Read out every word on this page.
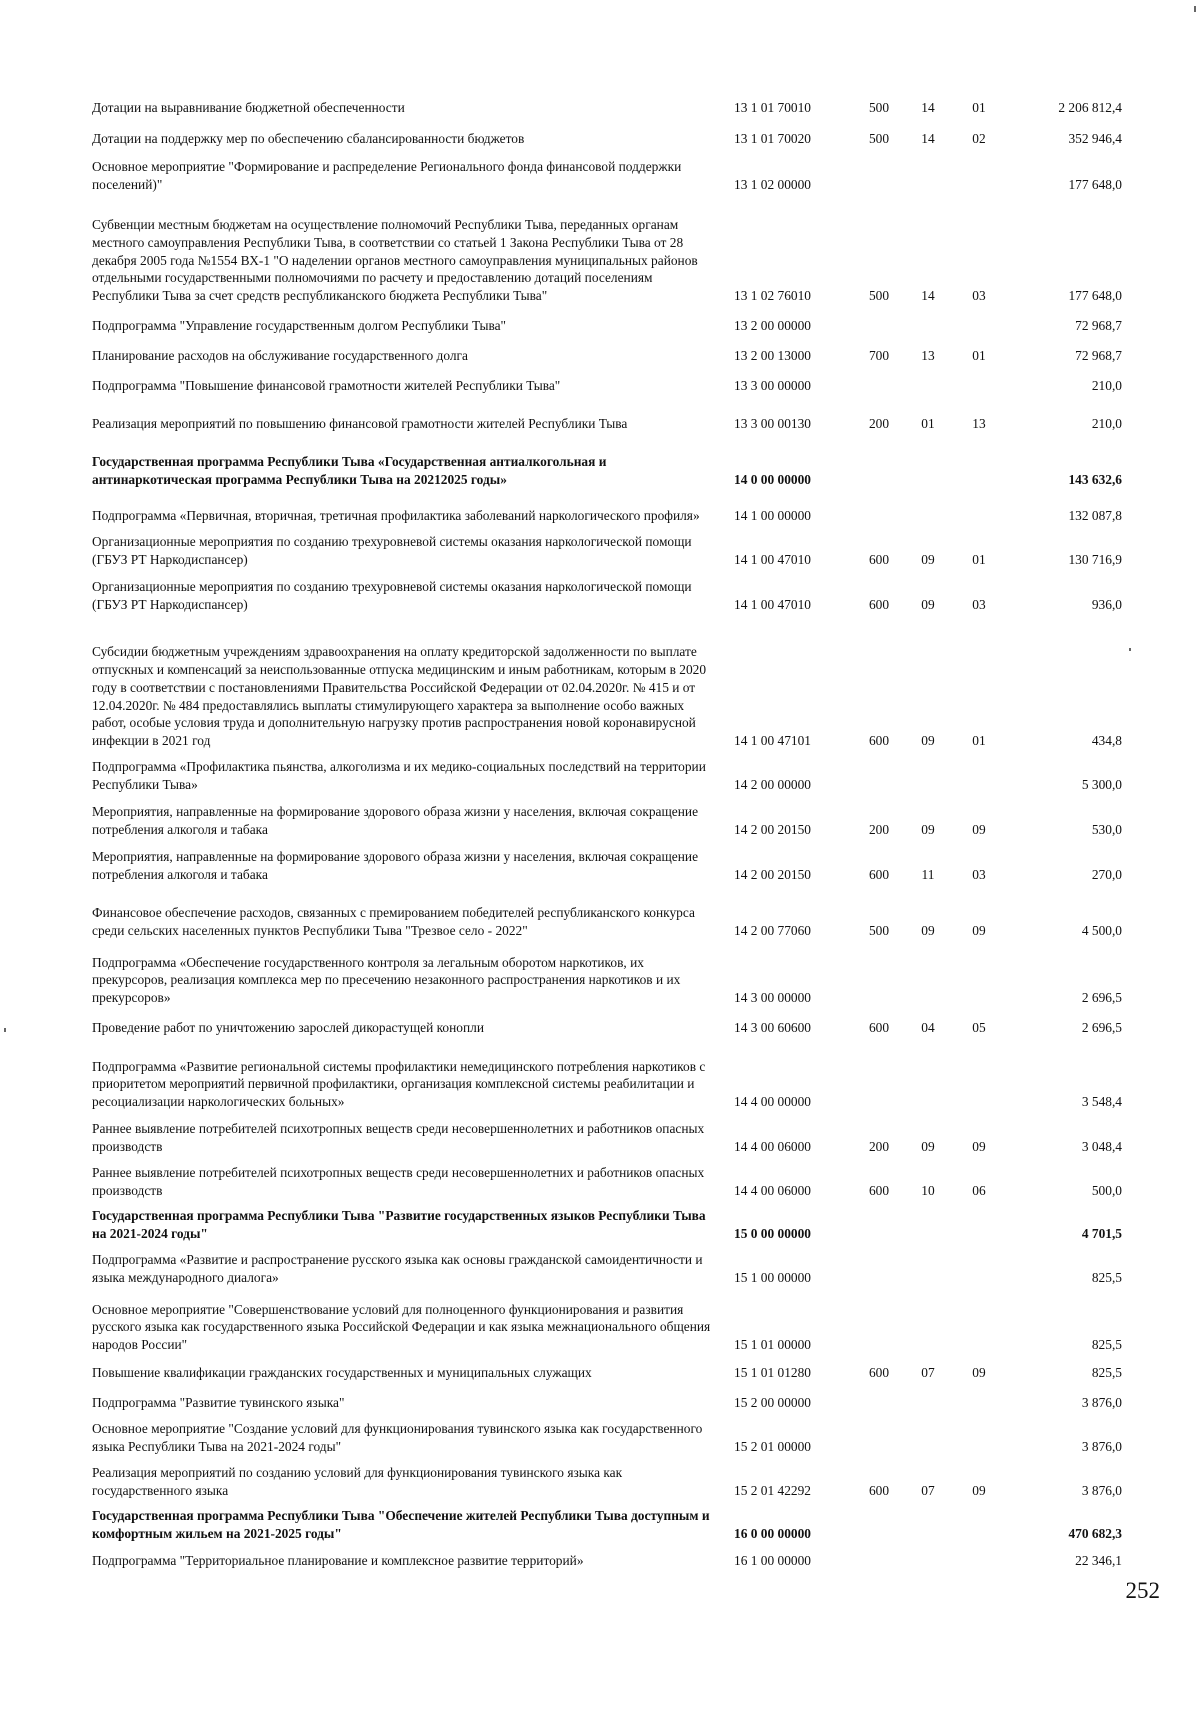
Дотации на выравнивание бюджетной обеспеченности	13 1 01 70010	500	14	01	2 206 812,4
Дотации на поддержку мер по обеспечению сбалансированности бюджетов	13 1 01 70020	500	14	02	352 946,4
Основное мероприятие "Формирование и распределение Регионального фонда финансовой поддержки поселений)"	13 1 02 00000	177 648,0
Субвенции местным бюджетам на осуществление полномочий Республики Тыва, переданных органам местного самоуправления Республики Тыва, в соответствии со статьей 1 Закона Республики Тыва от 28 декабря 2005 года №1554 ВХ-1 "О наделении органов местного самоуправления муниципальных районов отдельными государственными полномочиями по расчету и предоставлению дотаций поселениям Республики Тыва за счет средств республиканского бюджета Республики Тыва"	13 1 02 76010	500	14	03	177 648,0
Подпрограмма "Управление государственным долгом Республики Тыва"	13 2 00 00000	72 968,7
Планирование расходов на обслуживание государственного долга	13 2 00 13000	700	13	01	72 968,7
Подпрограмма "Повышение финансовой грамотности жителей Республики Тыва"	13 3 00 00000	210,0
Реализация мероприятий по повышению финансовой грамотности жителей Республики Тыва	13 3 00 00130	200	01	13	210,0
Государственная программа Республики Тыва «Государственная антиалкогольная и антинаркотическая программа Республики Тыва на 20212025 годы»	14 0 00 00000	143 632,6
Подпрограмма «Первичная, вторичная, третичная профилактика заболеваний наркологического профиля»	14 1 00 00000	132 087,8
Организационные мероприятия по созданию трехуровневой системы оказания наркологической помощи (ГБУЗ РТ Наркодиспансер)	14 1 00 47010	600	09	01	130 716,9
Организационные мероприятия по созданию трехуровневой системы оказания наркологической помощи (ГБУЗ РТ Наркодиспансер)	14 1 00 47010	600	09	03	936,0
Субсидии бюджетным учреждениям здравоохранения на оплату кредиторской задолженности по выплате отпускных и компенсаций за неиспользованные отпуска медицинским и иным работникам, которым в 2020 году в соответствии с постановлениями Правительства Российской Федерации от 02.04.2020г. № 415 и от 12.04.2020г. № 484 предоставлялись выплаты стимулирующего характера за выполнение особо важных работ, особые условия труда и дополнительную нагрузку против распространения новой коронавирусной инфекции в 2021 год	14 1 00 47101	600	09	01	434,8
Подпрограмма «Профилактика пьянства, алкоголизма и их медико-социальных последствий на территории Республики Тыва»	14 2 00 00000	5 300,0
Мероприятия, направленные на формирование здорового образа жизни у населения, включая сокращение потребления алкоголя и табака	14 2 00 20150	200	09	09	530,0
Мероприятия, направленные на формирование здорового образа жизни у населения, включая сокращение потребления алкоголя и табака	14 2 00 20150	600	11	03	270,0
Финансовое обеспечение расходов, связанных с премированием победителей республиканского конкурса среди сельских населенных пунктов Республики Тыва "Трезвое село - 2022"	14 2 00 77060	500	09	09	4 500,0
Подпрограмма «Обеспечение государственного контроля за легальным оборотом наркотиков, их прекурсоров, реализация комплекса мер по пресечению незаконного распространения наркотиков и их прекурсоров»	14 3 00 00000	2 696,5
Проведение работ по уничтожению зарослей дикорастущей конопли	14 3 00 60600	600	04	05	2 696,5
Подпрограмма «Развитие региональной системы профилактики немедицинского потребления наркотиков с приоритетом мероприятий первичной профилактики, организация комплексной системы реабилитации и ресоциализации наркологических больных»	14 4 00 00000	3 548,4
Раннее выявление потребителей психотропных веществ среди несовершеннолетних и работников опасных производств	14 4 00 06000	200	09	09	3 048,4
Раннее выявление потребителей психотропных веществ среди несовершеннолетних и работников опасных производств	14 4 00 06000	600	10	06	500,0
Государственная программа Республики Тыва "Развитие государственных языков Республики Тыва на 2021-2024 годы"	15 0 00 00000	4 701,5
Подпрограмма «Развитие и распространение русского языка как основы гражданской самоидентичности и языка международного диалога»	15 1 00 00000	825,5
Основное мероприятие "Совершенствование условий для полноценного функционирования и развития русского языка как государственного языка Российской Федерации и как языка межнационального общения народов России"	15 1 01 00000	825,5
Повышение квалификации гражданских государственных и муниципальных служащих	15 1 01 01280	600	07	09	825,5
Подпрограмма "Развитие тувинского языка"	15 2 00 00000	3 876,0
Основное мероприятие "Создание условий для функционирования тувинского языка как государственного языка Республики Тыва на 2021-2024 годы"	15 2 01 00000	3 876,0
Реализация мероприятий по созданию условий для функционирования тувинского языка как государственного языка	15 2 01 42292	600	07	09	3 876,0
Государственная программа Республики Тыва "Обеспечение жителей Республики Тыва доступным и комфортным жильем на 2021-2025 годы"	16 0 00 00000	470 682,3
Подпрограмма "Территориальное планирование и комплексное развитие территорий»	16 1 00 00000	22 346,1
252
